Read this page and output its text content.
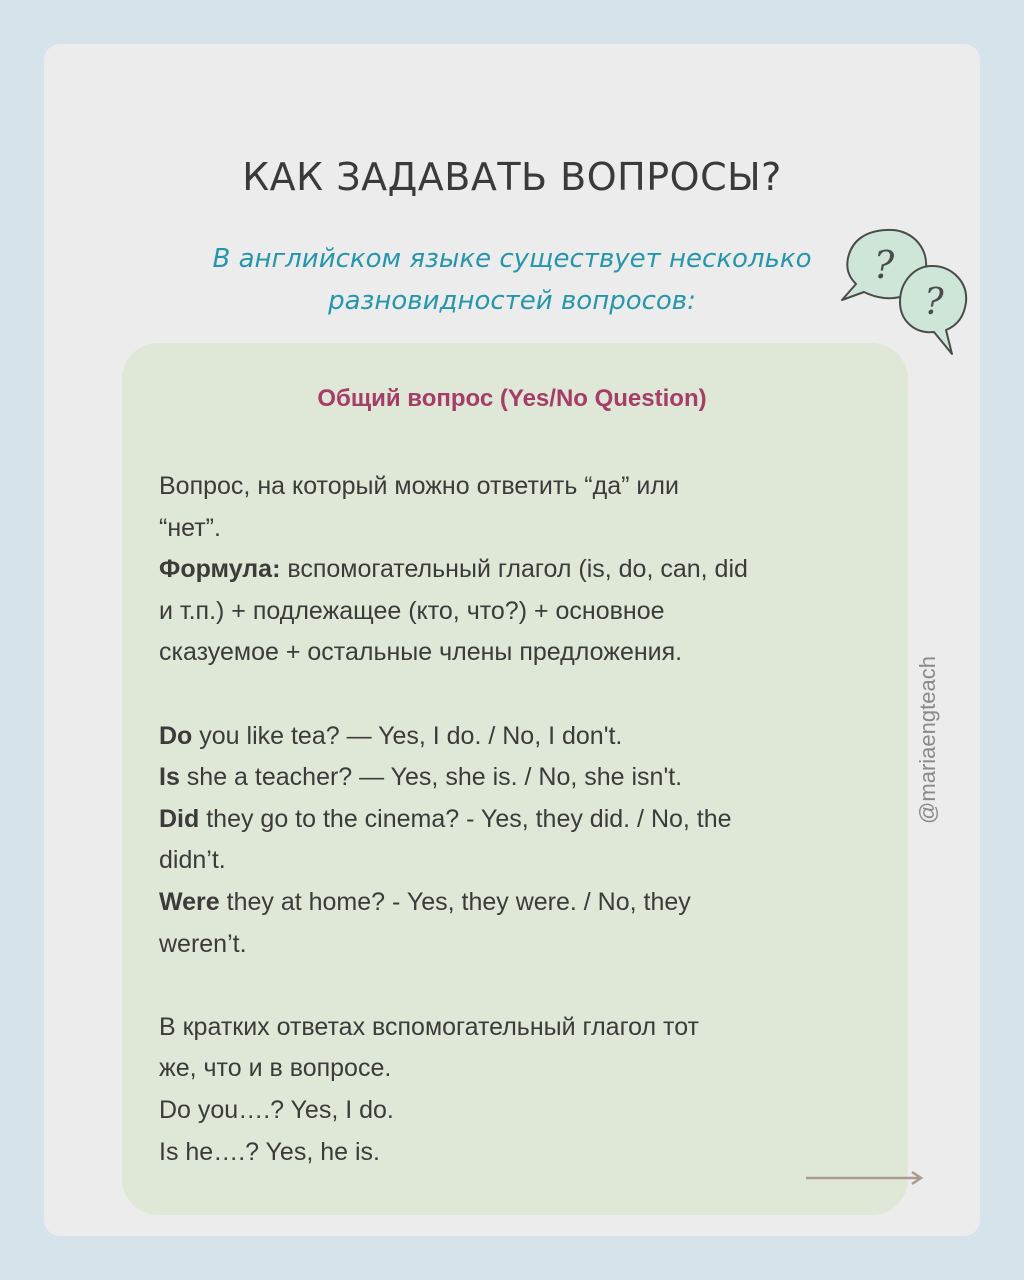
КАК ЗАДАВАТЬ ВОПРОСЫ?

В английском языке существует несколько
разновидностей вопросов:

?
?
Общий вопрос (Yes/No Question)
Вопрос, на который можно ответить “да” или
“нет”.
Формула: вспомогательный глагол (is, do, can, did
и т.п.) + подлежащее (кто, что?) + основное
сказуемое + остальные члены предложения.
Do you like tea? — Yes, I do. / No, I don't.
Is she a teacher? — Yes, she is. / No, she isn't.
Did they go to the cinema? - Yes, they did. / No, the
didn’t.
Were they at home? - Yes, they were. / No, they
weren’t.
В кратких ответах вспомогательный глагол тот
же, что и в вопросе.
Do you….? Yes, I do.
Is he….? Yes, he is.
@mariaengteach
